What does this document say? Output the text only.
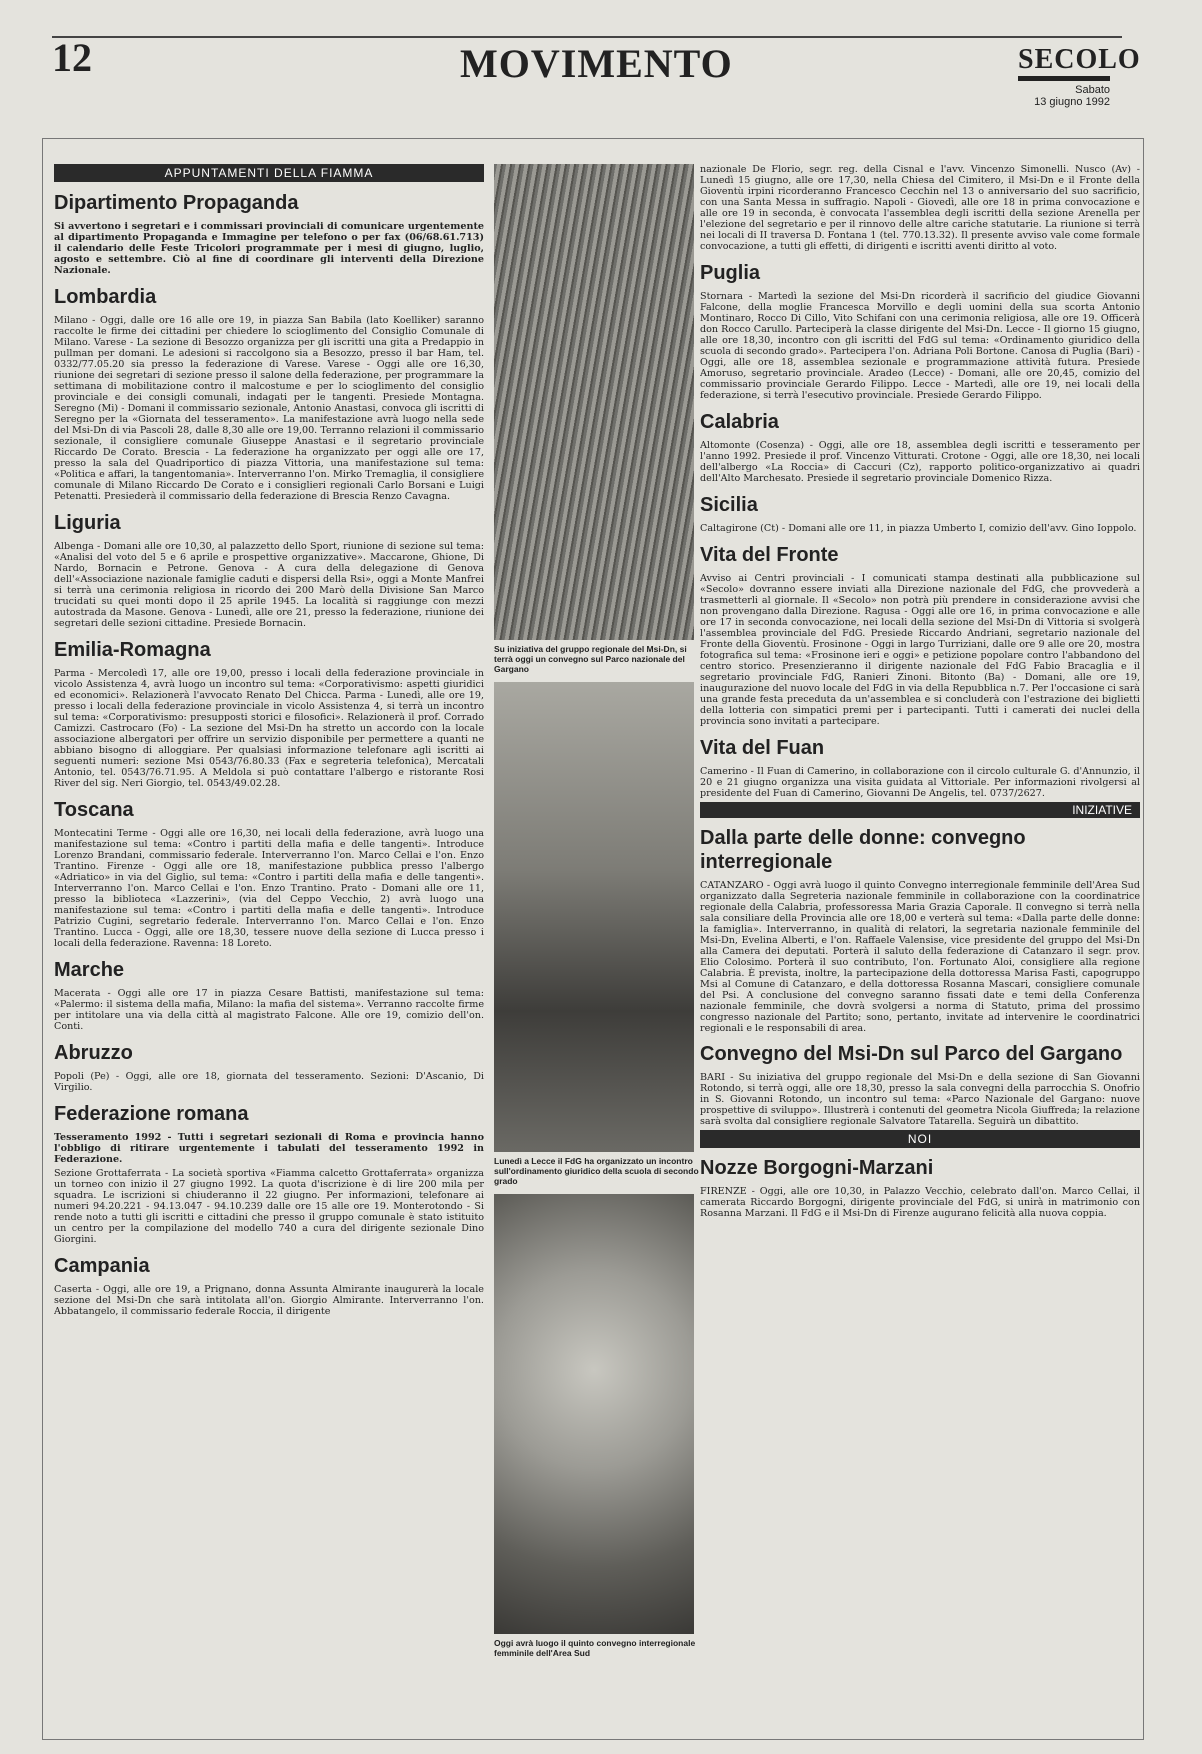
12	MOVIMENTO	SECOLO
Sabato
13 giugno 1992
APPUNTAMENTI DELLA FIAMMA
Dipartimento Propaganda

Si avvertono i segretari e i commissari provinciali di comunicare urgentemente al dipartimento Propaganda e Immagine per telefono o per fax (06/68.61.713) il calendario delle Feste Tricolori programmate per i mesi di giugno, luglio, agosto e settembre. Ciò al fine di coordinare gli interventi della Direzione Nazionale.

Lombardia

Milano - Oggi, dalle ore 16 alle ore 19, in piazza San Babila (lato Koelliker) saranno raccolte le firme dei cittadini per chiedere lo scioglimento del Consiglio Comunale di Milano. Varese - La sezione di Besozzo organizza per gli iscritti una gita a Predappio in pullman per domani. Le adesioni si raccolgono sia a Besozzo, presso il bar Ham, tel. 0332/77.05.20 sia presso la federazione di Varese. Varese - Oggi alle ore 16,30, riunione dei segretari di sezione presso il salone della federazione, per programmare la settimana di mobilitazione contro il malcostume e per lo scioglimento del consiglio provinciale e dei consigli comunali, indagati per le tangenti. Presiede Montagna. Seregno (Mi) - Domani il commissario sezionale, Antonio Anastasi, convoca gli iscritti di Seregno per la «Giornata del tesseramento». La manifestazione avrà luogo nella sede del Msi-Dn di via Pascoli 28, dalle 8,30 alle ore 19,00. Terranno relazioni il commissario sezionale, il consigliere comunale Giuseppe Anastasi e il segretario provinciale Riccardo De Corato. Brescia - La federazione ha organizzato per oggi alle ore 17, presso la sala del Quadriportico di piazza Vittoria, una manifestazione sul tema: «Politica e affari, la tangentomania». Interverranno l'on. Mirko Tremaglia, il consigliere comunale di Milano Riccardo De Corato e i consiglieri regionali Carlo Borsani e Luigi Petenatti. Presiederà il commissario della federazione di Brescia Renzo Cavagna.

Liguria

Albenga - Domani alle ore 10,30, al palazzetto dello Sport, riunione di sezione sul tema: «Analisi del voto del 5 e 6 aprile e prospettive organizzative». Maccarone, Ghione, Di Nardo, Bornacin e Petrone. Genova - A cura della delegazione di Genova dell'«Associazione nazionale famiglie caduti e dispersi della Rsi», oggi a Monte Manfrei si terrà una cerimonia religiosa in ricordo dei 200 Marò della Divisione San Marco trucidati su quei monti dopo il 25 aprile 1945. La località si raggiunge con mezzi autostrada da Masone. Genova - Lunedì, alle ore 21, presso la federazione, riunione dei segretari delle sezioni cittadine. Presiede Bornacin.

Emilia-Romagna

Parma - Mercoledì 17, alle ore 19,00, presso i locali della federazione provinciale in vicolo Assistenza 4, avrà luogo un incontro sul tema: «Corporativismo: aspetti giuridici ed economici». Relazionerà l'avvocato Renato Del Chicca. Parma - Lunedì, alle ore 19, presso i locali della federazione provinciale in vicolo Assistenza 4, si terrà un incontro sul tema: «Corporativismo: presupposti storici e filosofici». Relazionerà il prof. Corrado Camizzi. Castrocaro (Fo) - La sezione del Msi-Dn ha stretto un accordo con la locale associazione albergatori per offrire un servizio disponibile per permettere a quanti ne abbiano bisogno di alloggiare. Per qualsiasi informazione telefonare agli iscritti ai seguenti numeri: sezione Msi 0543/76.80.33 (Fax e segreteria telefonica), Mercatali Antonio, tel. 0543/76.71.95. A Meldola si può contattare l'albergo e ristorante Rosi River del sig. Neri Giorgio, tel. 0543/49.02.28.

Toscana

Montecatini Terme - Oggi alle ore 16,30, nei locali della federazione, avrà luogo una manifestazione sul tema: «Contro i partiti della mafia e delle tangenti». Introduce Lorenzo Brandani, commissario federale. Interverranno l'on. Marco Cellai e l'on. Enzo Trantino. Firenze - Oggi alle ore 18, manifestazione pubblica presso l'albergo «Adriatico» in via del Giglio, sul tema: «Contro i partiti della mafia e delle tangenti». Interverranno l'on. Marco Cellai e l'on. Enzo Trantino. Prato - Domani alle ore 11, presso la biblioteca «Lazzerini», (via del Ceppo Vecchio, 2) avrà luogo una manifestazione sul tema: «Contro i partiti della mafia e delle tangenti». Introduce Patrizio Cugini, segretario federale. Interverranno l'on. Marco Cellai e l'on. Enzo Trantino. Lucca - Oggi, alle ore 18,30, tessere nuove della sezione di Lucca presso i locali della federazione. Ravenna: 18 Loreto.

Marche

Macerata - Oggi alle ore 17 in piazza Cesare Battisti, manifestazione sul tema: «Palermo: il sistema della mafia, Milano: la mafia del sistema». Verranno raccolte firme per intitolare una via della città al magistrato Falcone. Alle ore 19, comizio dell'on. Conti.

Abruzzo

Popoli (Pe) - Oggi, alle ore 18, giornata del tesseramento. Sezioni: D'Ascanio, Di Virgilio.

Federazione romana

Tesseramento 1992 - Tutti i segretari sezionali di Roma e provincia hanno l'obbligo di ritirare urgentemente i tabulati del tesseramento 1992 in Federazione.

Sezione Grottaferrata - La società sportiva «Fiamma calcetto Grottaferrata» organizza un torneo con inizio il 27 giugno 1992. La quota d'iscrizione è di lire 200 mila per squadra. Le iscrizioni si chiuderanno il 22 giugno. Per informazioni, telefonare ai numeri 94.20.221 - 94.13.047 - 94.10.239 dalle ore 15 alle ore 19. Monterotondo - Si rende noto a tutti gli iscritti e cittadini che presso il gruppo comunale è stato istituito un centro per la compilazione del modello 740 a cura del dirigente sezionale Dino Giorgini.

Campania

Caserta - Oggi, alle ore 19, a Prignano, donna Assunta Almirante inaugurerà la locale sezione del Msi-Dn che sarà intitolata all'on. Giorgio Almirante. Interverranno l'on. Abbatangelo, il commissario federale Roccia, il dirigente

Su iniziativa del gruppo regionale del Msi-Dn, si terrà oggi un convegno sul Parco nazionale del Gargano
Lunedì a Lecce il FdG ha organizzato un incontro sull'ordinamento giuridico della scuola di secondo grado
Oggi avrà luogo il quinto convegno interregionale femminile dell'Area Sud

nazionale De Florio, segr. reg. della Cisnal e l'avv. Vincenzo Simonelli. Nusco (Av) - Lunedì 15 giugno, alle ore 17,30, nella Chiesa del Cimitero, il Msi-Dn e il Fronte della Gioventù irpini ricorderanno Francesco Cecchin nel 13 o anniversario del suo sacrificio, con una Santa Messa in suffragio. Napoli - Giovedì, alle ore 18 in prima convocazione e alle ore 19 in seconda, è convocata l'assemblea degli iscritti della sezione Arenella per l'elezione del segretario e per il rinnovo delle altre cariche statutarie. La riunione si terrà nei locali di II traversa D. Fontana 1 (tel. 770.13.32). Il presente avviso vale come formale convocazione, a tutti gli effetti, di dirigenti e iscritti aventi diritto al voto.

Puglia

Stornara - Martedì la sezione del Msi-Dn ricorderà il sacrificio del giudice Giovanni Falcone, della moglie Francesca Morvillo e degli uomini della sua scorta Antonio Montinaro, Rocco Di Cillo, Vito Schifani con una cerimonia religiosa, alle ore 19. Officerà don Rocco Carullo. Parteciperà la classe dirigente del Msi-Dn. Lecce - Il giorno 15 giugno, alle ore 18,30, incontro con gli iscritti del FdG sul tema: «Ordinamento giuridico della scuola di secondo grado». Partecipera l'on. Adriana Poli Bortone. Canosa di Puglia (Bari) - Oggi, alle ore 18, assemblea sezionale e programmazione attività futura. Presiede Amoruso, segretario provinciale. Aradeo (Lecce) - Domani, alle ore 20,45, comizio del commissario provinciale Gerardo Filippo. Lecce - Martedì, alle ore 19, nei locali della federazione, si terrà l'esecutivo provinciale. Presiede Gerardo Filippo.

Calabria

Altomonte (Cosenza) - Oggi, alle ore 18, assemblea degli iscritti e tesseramento per l'anno 1992. Presiede il prof. Vincenzo Vitturati. Crotone - Oggi, alle ore 18,30, nei locali dell'albergo «La Roccia» di Caccuri (Cz), rapporto politico-organizzativo ai quadri dell'Alto Marchesato. Presiede il segretario provinciale Domenico Rizza.

Sicilia

Caltagirone (Ct) - Domani alle ore 11, in piazza Umberto I, comizio dell'avv. Gino Ioppolo.

Vita del Fronte

Avviso ai Centri provinciali - I comunicati stampa destinati alla pubblicazione sul «Secolo» dovranno essere inviati alla Direzione nazionale del FdG, che provvederà a trasmetterli al giornale. Il «Secolo» non potrà più prendere in considerazione avvisi che non provengano dalla Direzione. Ragusa - Oggi alle ore 16, in prima convocazione e alle ore 17 in seconda convocazione, nei locali della sezione del Msi-Dn di Vittoria si svolgerà l'assemblea provinciale del FdG. Presiede Riccardo Andriani, segretario nazionale del Fronte della Gioventù. Frosinone - Oggi in largo Turriziani, dalle ore 9 alle ore 20, mostra fotografica sul tema: «Frosinone ieri e oggi» e petizione popolare contro l'abbandono del centro storico. Presenzieranno il dirigente nazionale del FdG Fabio Bracaglia e il segretario provinciale FdG, Ranieri Zinoni. Bitonto (Ba) - Domani, alle ore 19, inaugurazione del nuovo locale del FdG in via della Repubblica n.7. Per l'occasione ci sarà una grande festa preceduta da un'assemblea e si concluderà con l'estrazione dei biglietti della lotteria con simpatici premi per i partecipanti. Tutti i camerati dei nuclei della provincia sono invitati a partecipare.

Vita del Fuan

Camerino - Il Fuan di Camerino, in collaborazione con il circolo culturale G. d'Annunzio, il 20 e 21 giugno organizza una visita guidata al Vittoriale. Per informazioni rivolgersi al presidente del Fuan di Camerino, Giovanni De Angelis, tel. 0737/2627.

INIZIATIVE
Dalla parte delle donne: convegno interregionale

CATANZARO - Oggi avrà luogo il quinto Convegno interregionale femminile dell'Area Sud organizzato dalla Segreteria nazionale femminile in collaborazione con la coordinatrice regionale della Calabria, professoressa Maria Grazia Caporale. Il convegno si terrà nella sala consiliare della Provincia alle ore 18,00 e verterà sul tema: «Dalla parte delle donne: la famiglia». Interverranno, in qualità di relatori, la segretaria nazionale femminile del Msi-Dn, Evelina Alberti, e l'on. Raffaele Valensise, vice presidente del gruppo del Msi-Dn alla Camera dei deputati. Porterà il saluto della federazione di Catanzaro il segr. prov. Elio Colosimo. Porterà il suo contributo, l'on. Fortunato Aloi, consigliere alla regione Calabria. È prevista, inoltre, la partecipazione della dottoressa Marisa Fasti, capogruppo Msi al Comune di Catanzaro, e della dottoressa Rosanna Mascari, consigliere comunale del Psi. A conclusione del convegno saranno fissati date e temi della Conferenza nazionale femminile, che dovrà svolgersi a norma di Statuto, prima del prossimo congresso nazionale del Partito; sono, pertanto, invitate ad intervenire le coordinatrici regionali e le responsabili di area.

Convegno del Msi-Dn sul Parco del Gargano

BARI - Su iniziativa del gruppo regionale del Msi-Dn e della sezione di San Giovanni Rotondo, si terrà oggi, alle ore 18,30, presso la sala convegni della parrocchia S. Onofrio in S. Giovanni Rotondo, un incontro sul tema: «Parco Nazionale del Gargano: nuove prospettive di sviluppo». Illustrerà i contenuti del geometra Nicola Giuffreda; la relazione sarà svolta dal consigliere regionale Salvatore Tatarella. Seguirà un dibattito.

NOI
Nozze Borgogni-Marzani

FIRENZE - Oggi, alle ore 10,30, in Palazzo Vecchio, celebrato dall'on. Marco Cellai, il camerata Riccardo Borgogni, dirigente provinciale del FdG, si unirà in matrimonio con Rosanna Marzani. Il FdG e il Msi-Dn di Firenze augurano felicità alla nuova coppia.
